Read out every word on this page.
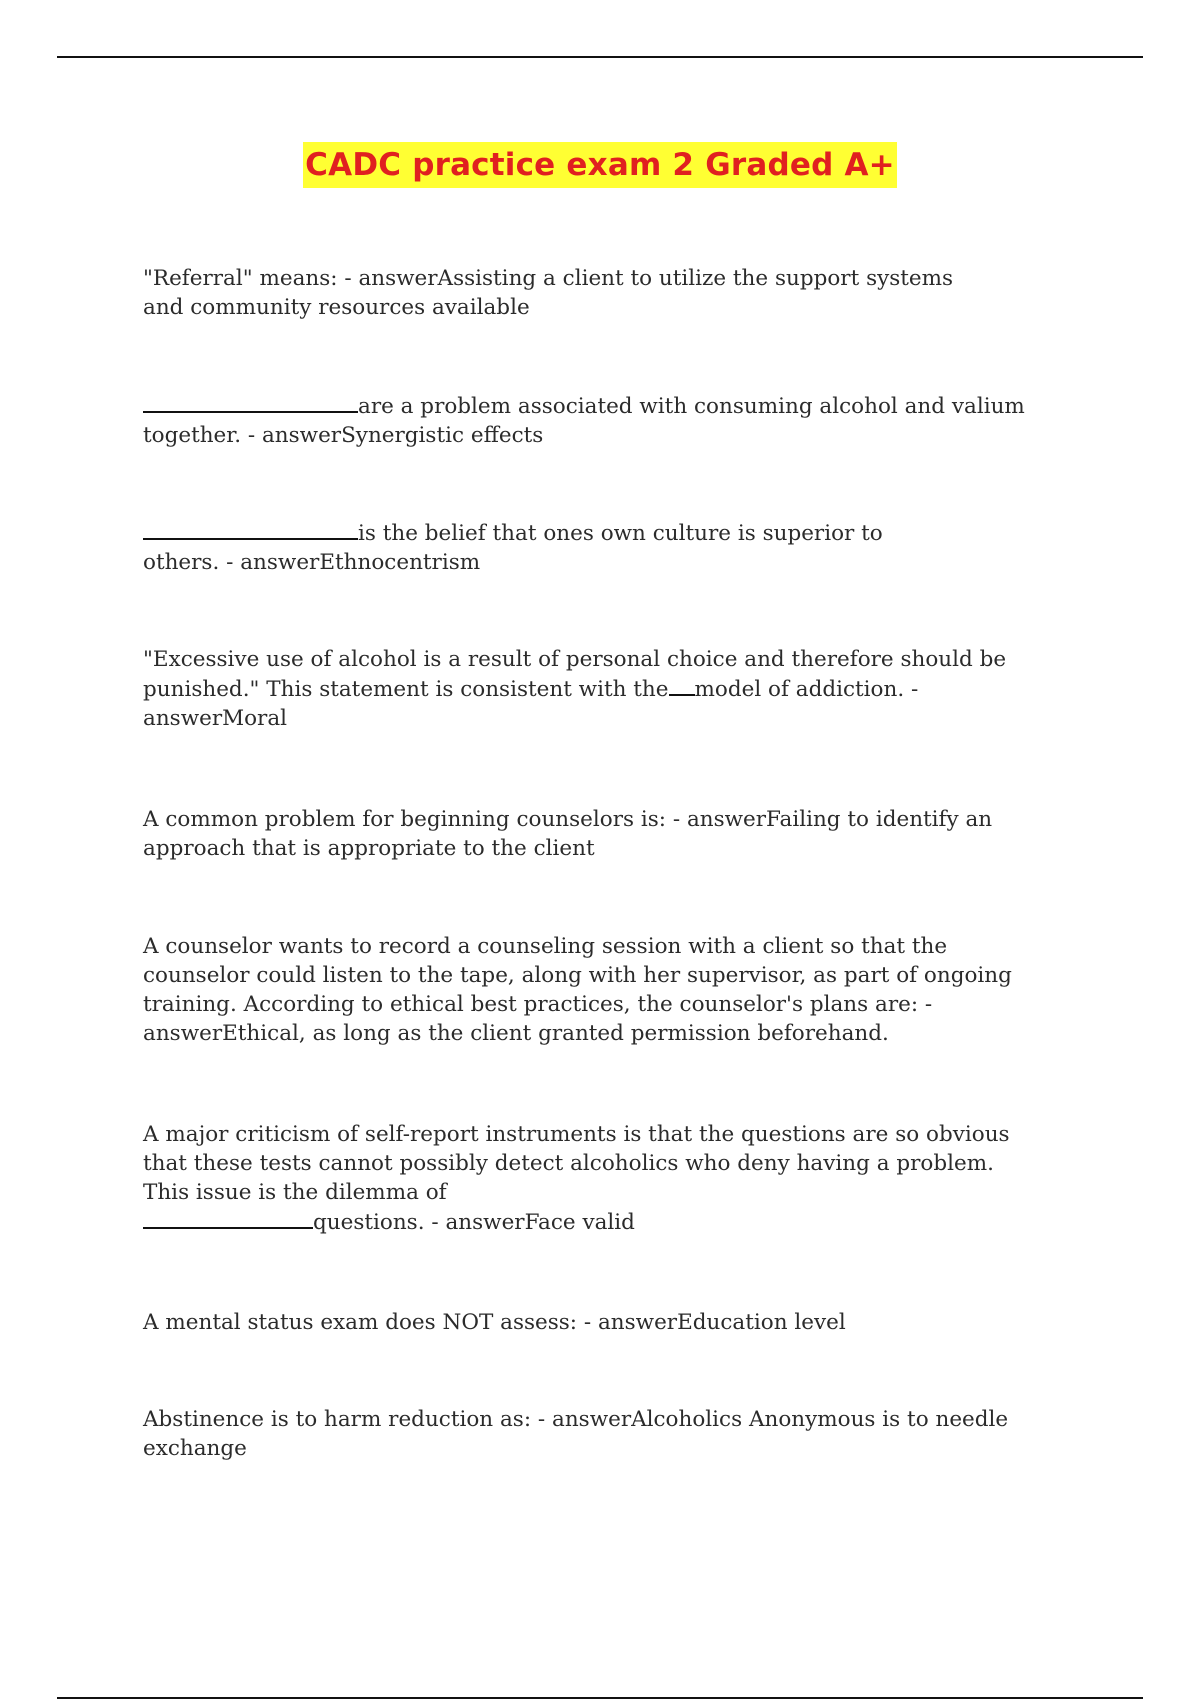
CADC practice exam 2 Graded A+

"Referral" means: - answerAssisting a client to utilize the support systems
and community resources available

are a problem associated with consuming alcohol and valium
together. - answerSynergistic effects

is the belief that ones own culture is superior to
others. - answerEthnocentrism

"Excessive use of alcohol is a result of personal choice and therefore should be
punished." This statement is consistent with the model of addiction. -
answerMoral

A common problem for beginning counselors is: - answerFailing to identify an
approach that is appropriate to the client

A counselor wants to record a counseling session with a client so that the
counselor could listen to the tape, along with her supervisor, as part of ongoing
training. According to ethical best practices, the counselor's plans are: -
answerEthical, as long as the client granted permission beforehand.

A major criticism of self-report instruments is that the questions are so obvious
that these tests cannot possibly detect alcoholics who deny having a problem.
This issue is the dilemma of
questions. - answerFace valid

A mental status exam does NOT assess: - answerEducation level

Abstinence is to harm reduction as: - answerAlcoholics Anonymous is to needle
exchange
